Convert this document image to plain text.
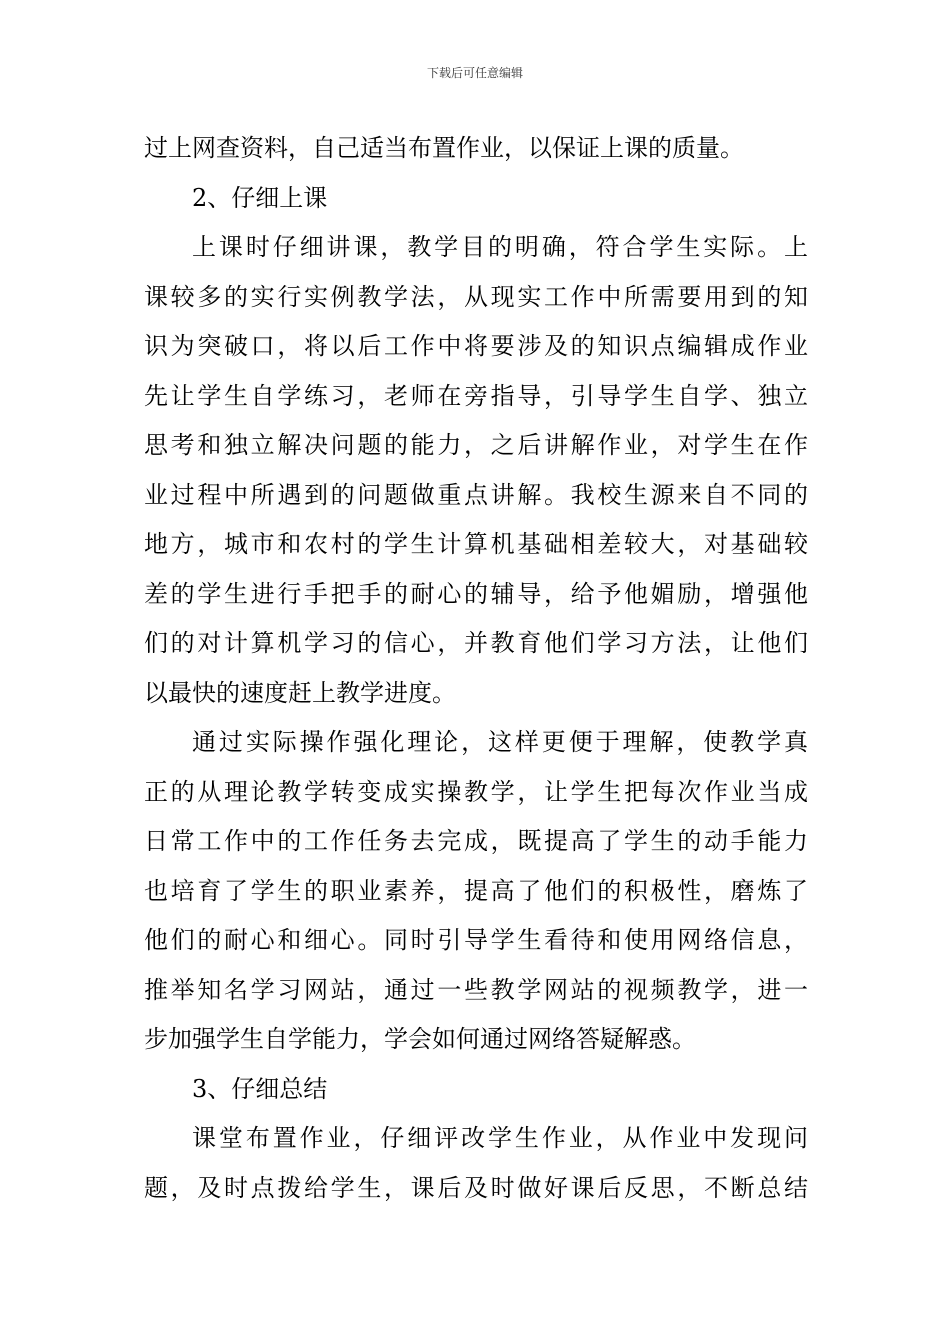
下载后可任意编辑
过上网查资料，自己适当布置作业，以保证上课的质量。
2、仔细上课
上课时仔细讲课，教学目的明确，符合学生实际。上
课较多的实行实例教学法，从现实工作中所需要用到的知
识为突破口，将以后工作中将要涉及的知识点编辑成作业
先让学生自学练习，老师在旁指导，引导学生自学、独立
思考和独立解决问题的能力，之后讲解作业，对学生在作
业过程中所遇到的问题做重点讲解。我校生源来自不同的
地方，城市和农村的学生计算机基础相差较大，对基础较
差的学生进行手把手的耐心的辅导，给予他媚励，增强他
们的对计算机学习的信心，并教育他们学习方法，让他们
以最快的速度赶上教学进度。
通过实际操作强化理论，这样更便于理解，使教学真
正的从理论教学转变成实操教学，让学生把每次作业当成
日常工作中的工作任务去完成，既提高了学生的动手能力
也培育了学生的职业素养，提高了他们的积极性，磨炼了
他们的耐心和细心。同时引导学生看待和使用网络信息，
推举知名学习网站，通过一些教学网站的视频教学，进一
步加强学生自学能力，学会如何通过网络答疑解惑。
3、仔细总结
课堂布置作业，仔细评改学生作业，从作业中发现问
题，及时点拨给学生，课后及时做好课后反思，不断总结
